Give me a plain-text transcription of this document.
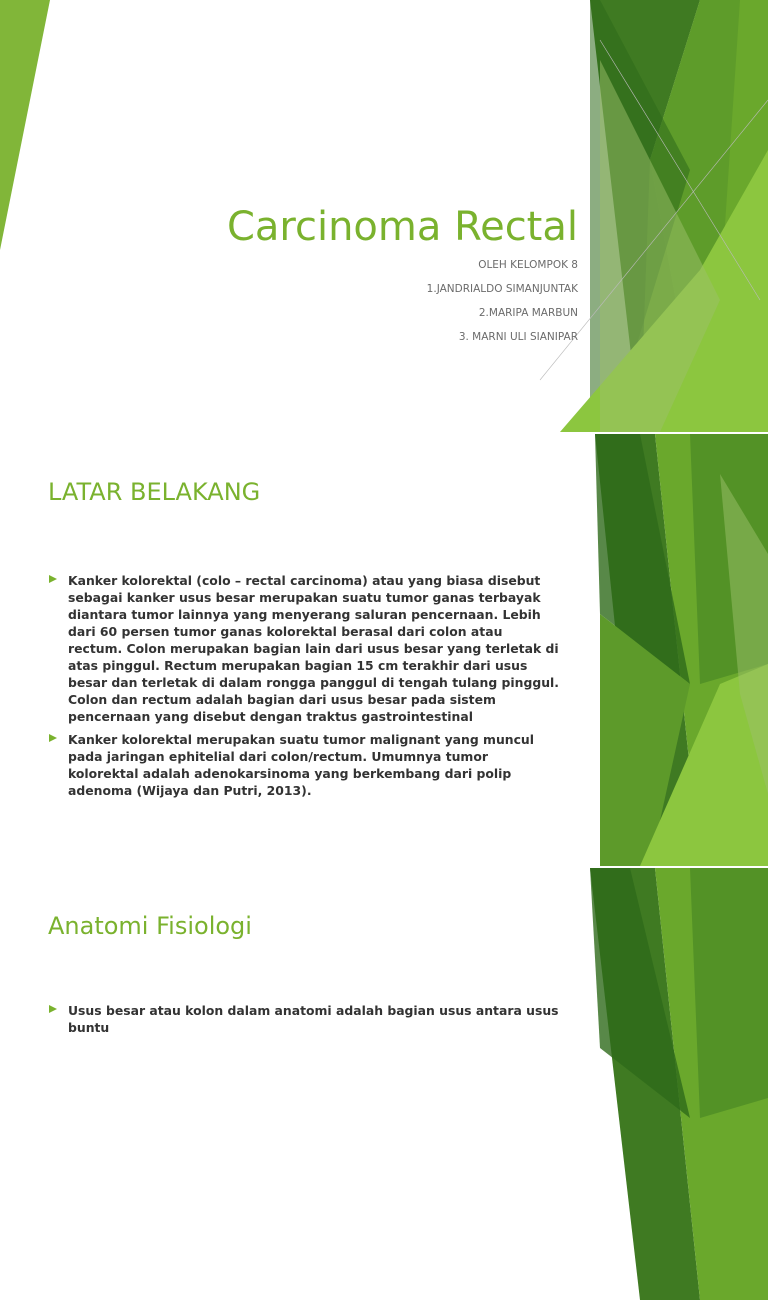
Carcinoma Rectal
OLEH KELOMPOK 8
1.JANDRIALDO SIMANJUNTAK
2.MARIPA MARBUN
3. MARNI ULI SIANIPAR
LATAR BELAKANG
Kanker kolorektal (colo – rectal carcinoma) atau yang biasa disebut sebagai kanker usus besar merupakan suatu tumor ganas terbayak diantara tumor lainnya yang menyerang saluran pencernaan. Lebih dari 60 persen tumor ganas kolorektal berasal dari colon atau rectum. Colon merupakan bagian lain dari usus besar yang terletak di atas pinggul. Rectum merupakan bagian 15 cm terakhir dari usus besar dan terletak di dalam rongga panggul di tengah tulang pinggul. Colon dan rectum adalah bagian dari usus besar pada sistem pencernaan yang disebut dengan traktus gastrointestinal
Kanker kolorektal merupakan suatu tumor malignant yang muncul pada jaringan ephitelial dari colon/rectum. Umumnya tumor kolorektal adalah adenokarsinoma yang berkembang dari polip adenoma (Wijaya dan Putri, 2013).
Anatomi Fisiologi
Usus besar atau kolon dalam anatomi adalah bagian usus antara usus buntu
